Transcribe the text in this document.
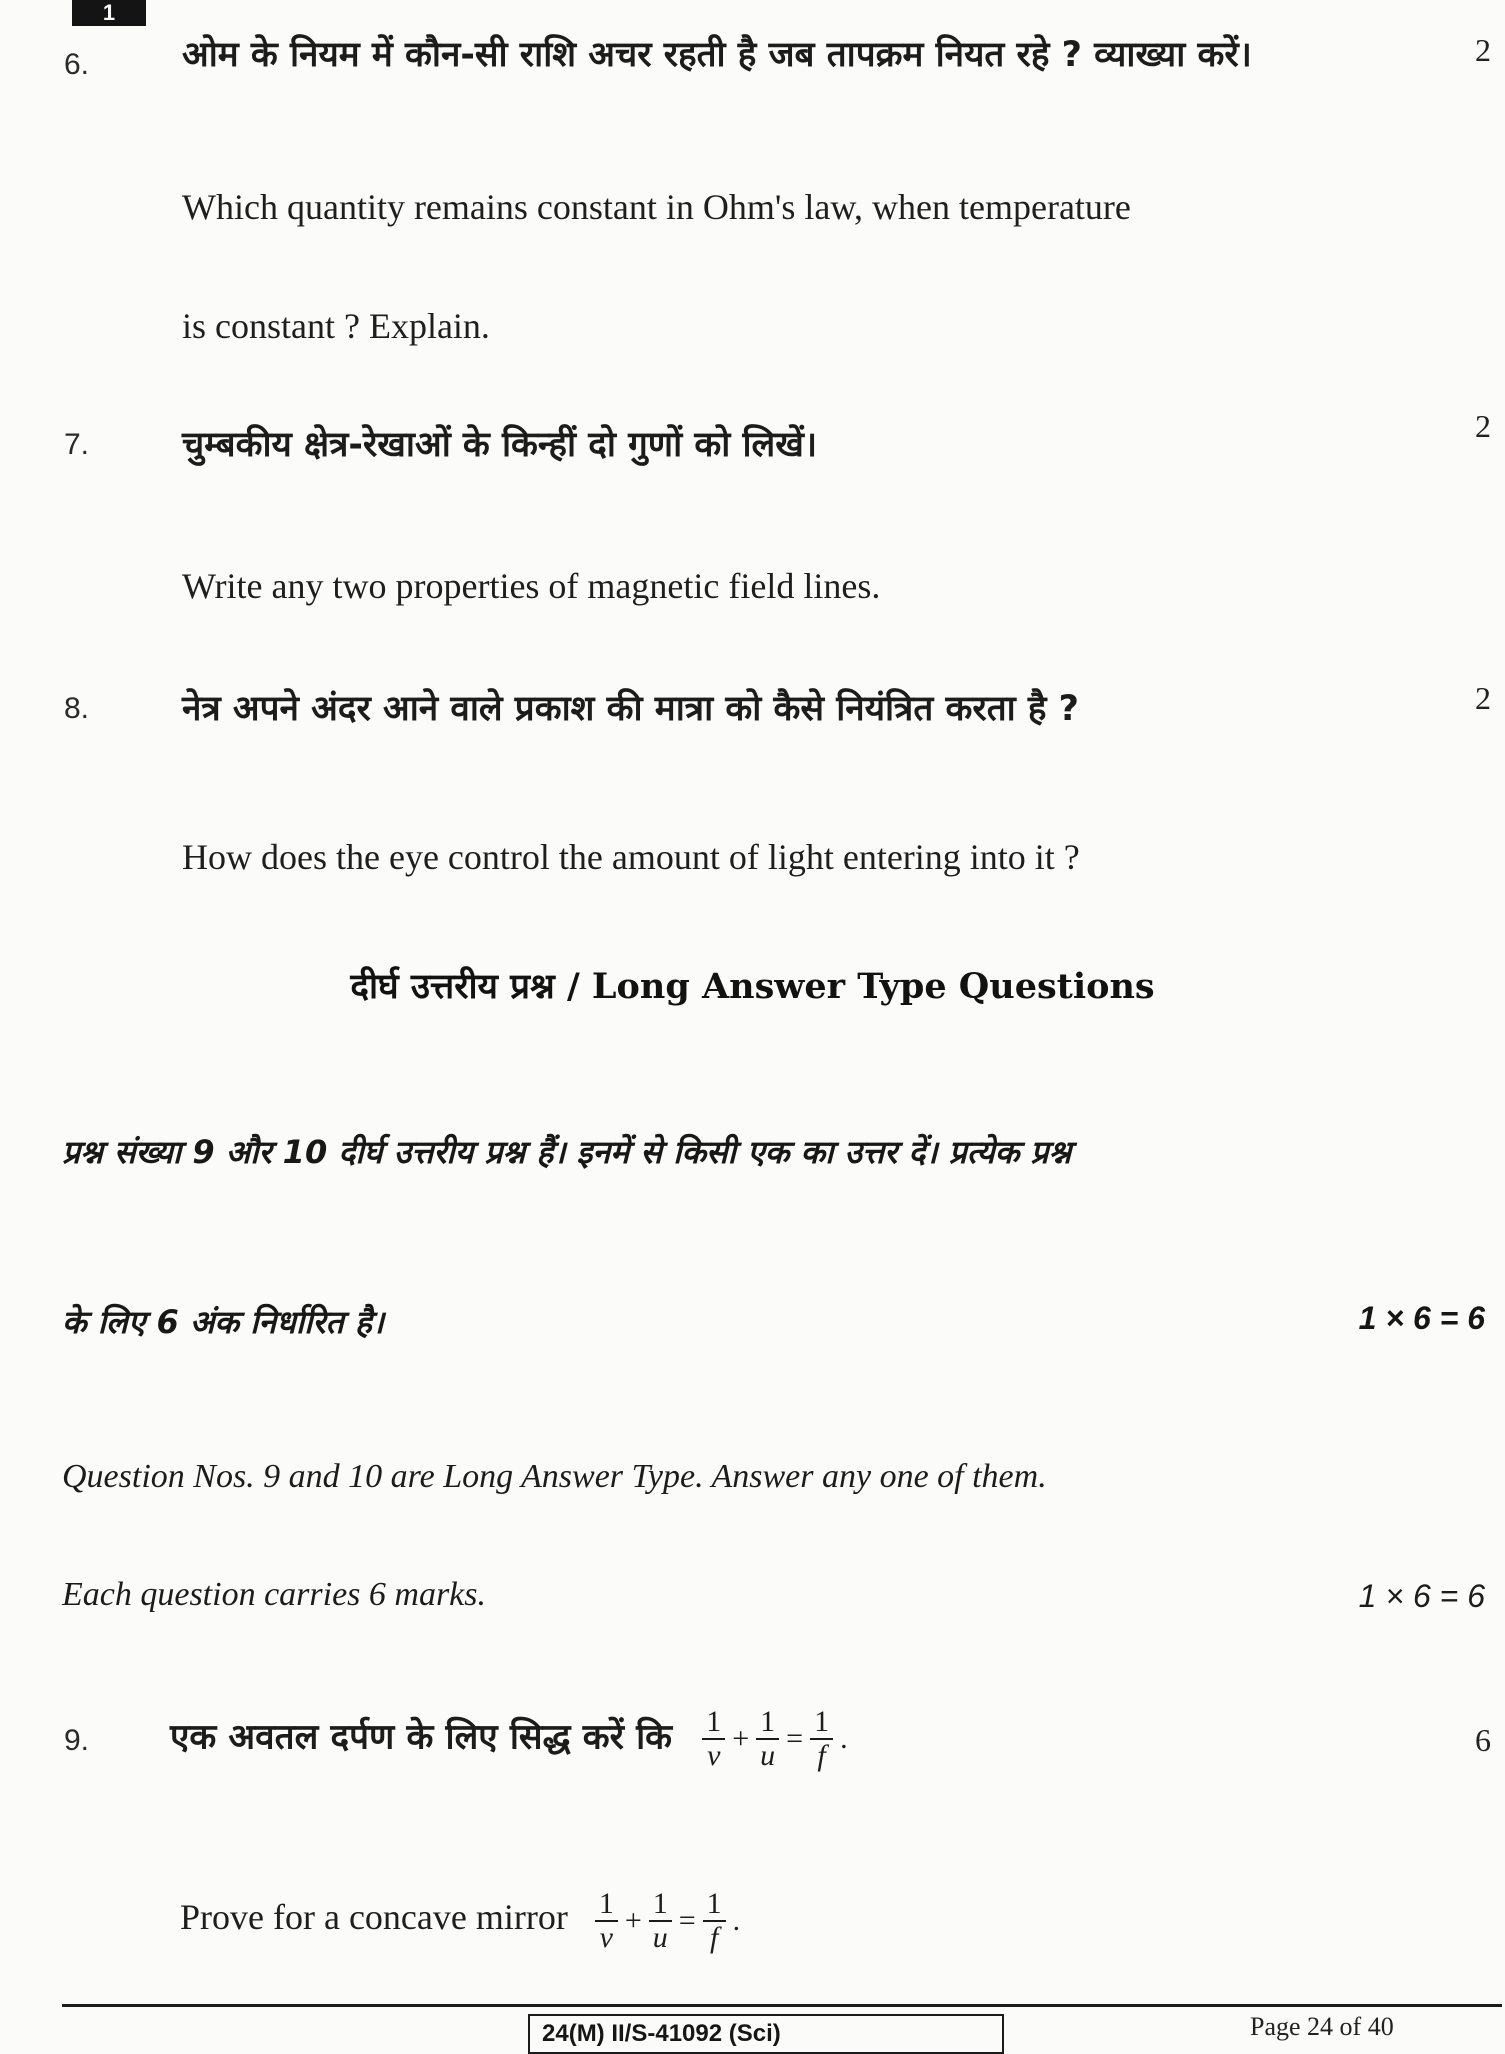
1
6.	ओम के नियम में कौन-सी राशि अचर रहती है जब तापक्रम नियत रहे ? व्याख्या करें।	2
Which quantity remains constant in Ohm's law, when temperature
is constant ? Explain.
7.	चुम्बकीय क्षेत्र-रेखाओं के किन्हीं दो गुणों को लिखें।	2
Write any two properties of magnetic field lines.
8.	नेत्र अपने अंदर आने वाले प्रकाश की मात्रा को कैसे नियंत्रित करता है ?	2
How does the eye control the amount of light entering into it ?
दीर्घ उत्तरीय प्रश्न / Long Answer Type Questions
प्रश्न संख्या 9 और 10 दीर्घ उत्तरीय प्रश्न हैं। इनमें से किसी एक का उत्तर दें। प्रत्येक प्रश्न
के लिए 6 अंक निर्धारित है।	1 × 6 = 6
Question Nos. 9 and 10 are Long Answer Type. Answer any one of them.
Each question carries 6 marks.	1 × 6 = 6
9. एक अवतल दर्पण के लिए सिद्ध करें कि $\frac{1}{v} + \frac{1}{u} = \frac{1}{f}$ .	6
Prove for a concave mirror $\frac{1}{v} + \frac{1}{u} = \frac{1}{f}$ .
24(M) II/S-41092 (Sci)	Page 24 of 40
